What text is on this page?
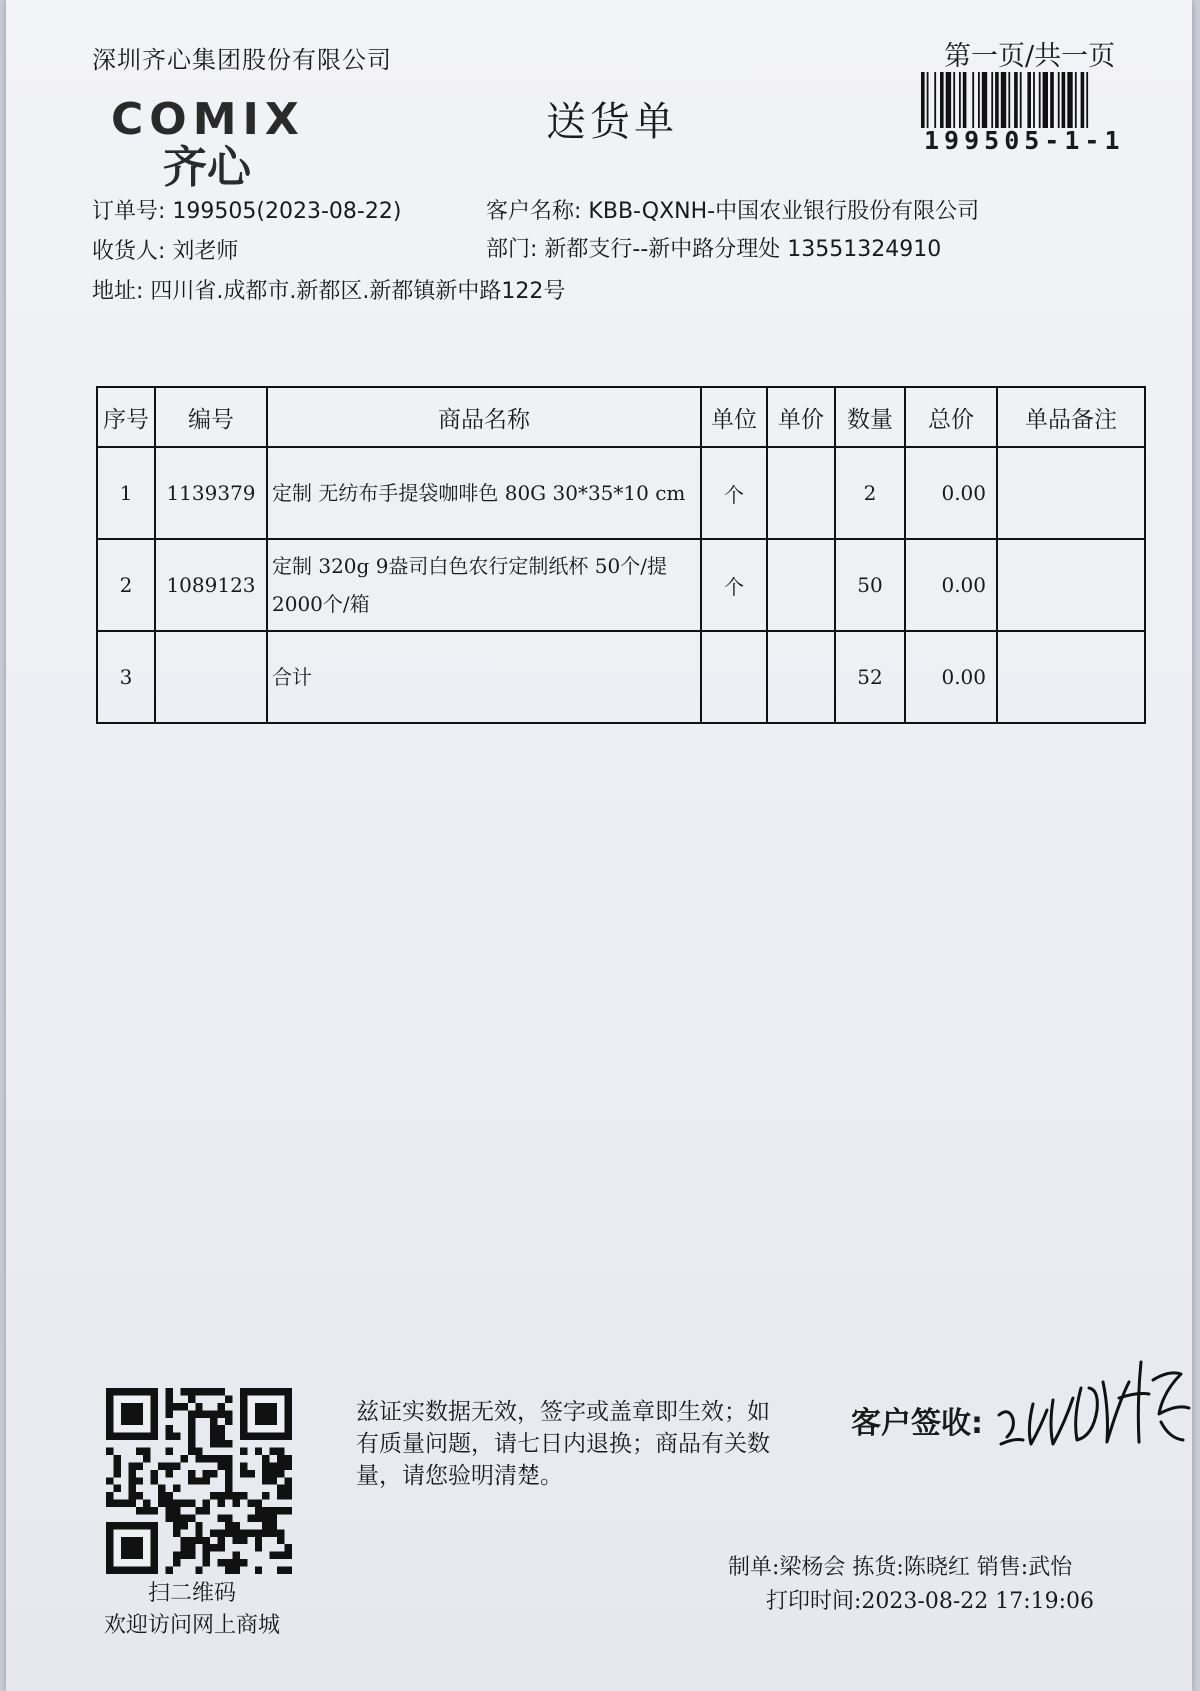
深圳齐心集团股份有限公司	第一页/共一页
199505-1-1
COMIX
齐心
送货单
订单号: 199505(2023-08-22)	客户名称: KBB-QXNH-中国农业银行股份有限公司
收货人: 刘老师	部门: 新都支行--新中路分理处 13551324910
地址: 四川省.成都市.新都区.新都镇新中路122号
序号	编号	商品名称	单位	单价	数量	总价	单品备注
1	1139379	定制 无纺布手提袋咖啡色 80G 30*35*10 cm	个		2	0.00	
2	1089123	定制 320g 9盎司白色农行定制纸杯 50个/提 2000个/箱	个		50	0.00	
3		合计			52	0.00	
扫二维码
欢迎访问网上商城
兹证实数据无效，签字或盖章即生效；如有质量问题，请七日内退换；商品有关数量，请您验明清楚。
客户签收:
制单:梁杨会 拣货:陈晓红 销售:武怡
打印时间:2023-08-22 17:19:06
